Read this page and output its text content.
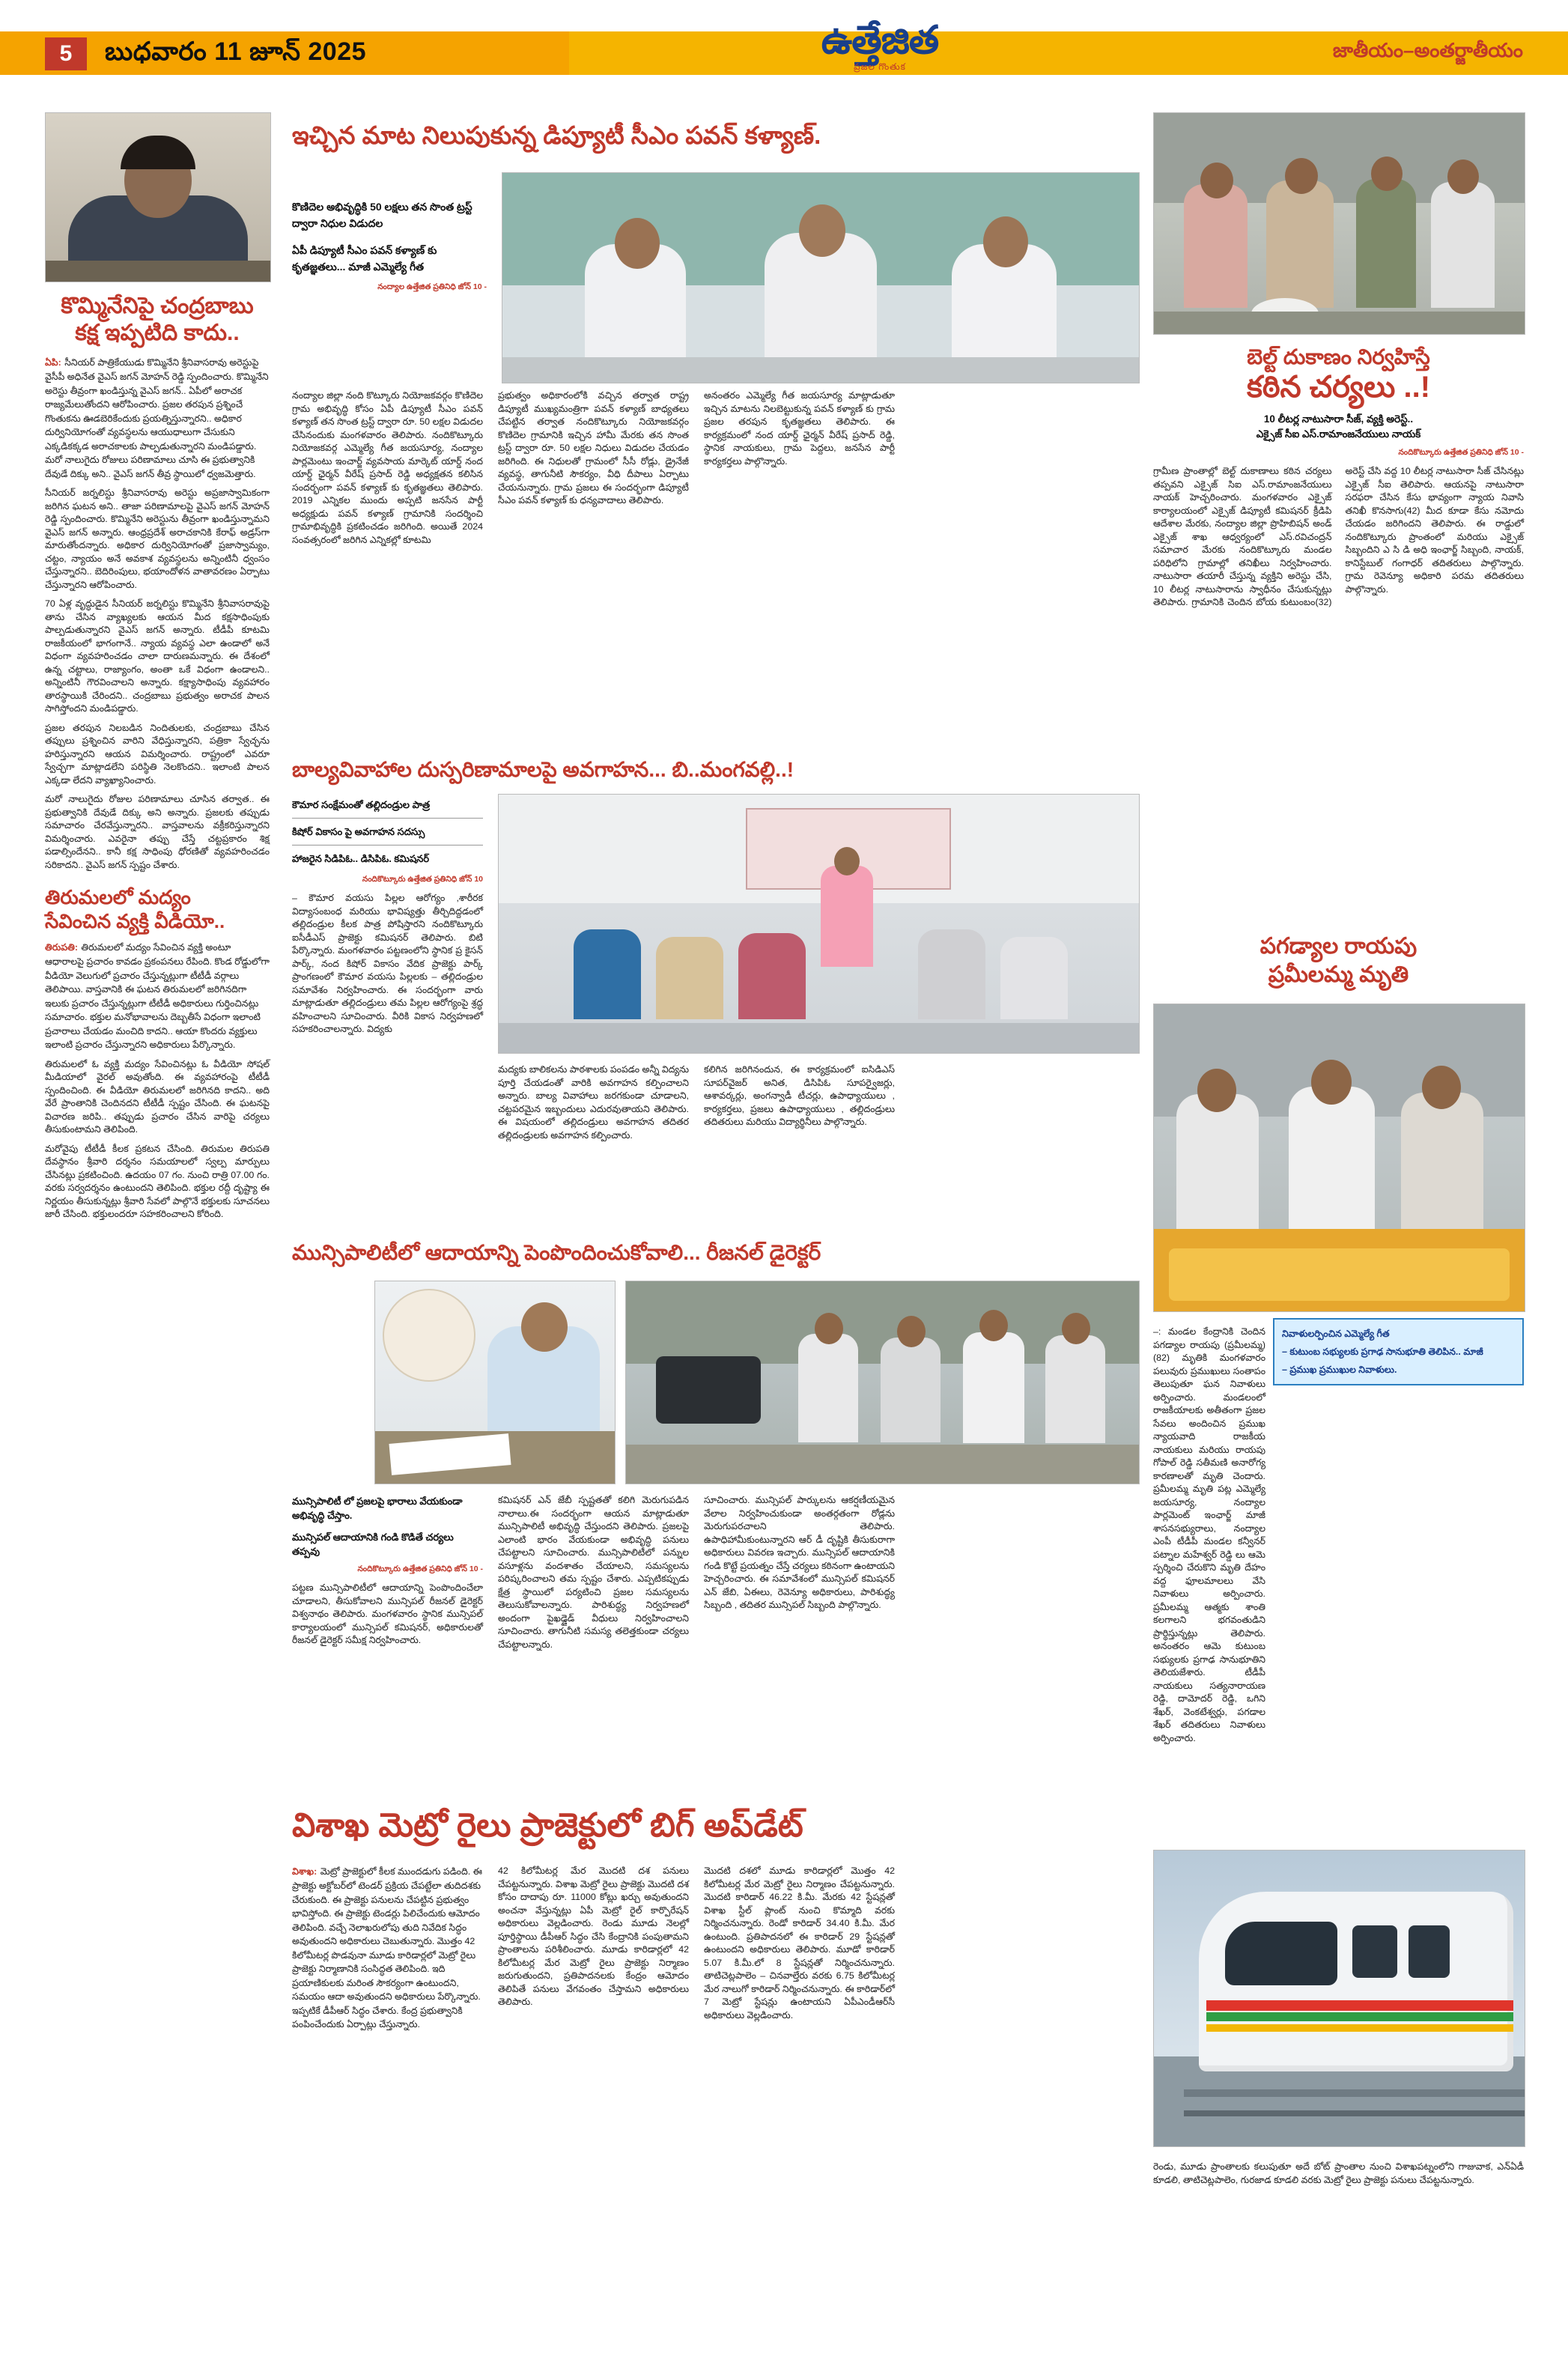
5	బుధవారం 11 జూన్ 2025	ఉత్తేజిత
ప్రజల గొంతుక
జాతీయం–అంతర్జాతీయం
కొమ్మినేనిపై చంద్రబాబు
కక్ష ఇప్పటిది కాదు..
ఏపి: సీనియర్ పాత్రికేయుడు కొమ్మినేని శ్రీనివాసరావు అరెస్టుపై వైసీపీ అధినేత వైఎస్ జగన్ మోహన్ రెడ్డి స్పందించారు. కొమ్మినేని అరెస్టు తీవ్రంగా ఖండిస్తున్న వైఎస్ జగన్.. ఏపీలో అరాచక రాజ్యమేలుతోందని ఆరోపించారు. ప్రజల తరపున ప్రశ్నించే గొంతుకను ఊడబెరికేందుకు ప్రయత్నిస్తున్నారని.. అధికార దుర్వినియోగంతో వ్యవస్థలను ఆయుధాలుగా చేసుకుని ఎక్కడికక్కడ అరాచకాలకు పాల్పడుతున్నారని మండిపడ్డారు. మరో నాలుగైదు రోజులు పరిణామాలు చూసి ఈ ప్రభుత్వానికి దేవుడే దిక్కు అని.. వైఎస్ జగన్ తీవ్ర స్థాయిలో ధ్వజమెత్తారు.
సీనియర్ జర్నలిస్టు శ్రీనివాసరావు అరెస్టు అప్రజాస్వామికంగా జరిగిన ఘటన అని.. తాజా పరిణామాలపై వైఎస్ జగన్ మోహన్ రెడ్డి స్పందించారు. కొమ్మినేని అరెస్టును తీవ్రంగా ఖండిస్తున్నామని వైఎస్ జగన్ అన్నారు. ఆంధ్రప్రదేశ్ అరాచకానికి కేరాఫ్ అడ్రస్‌గా మారుతోందన్నారు. అధికార దుర్వినియోగంతో ప్రజాస్వామ్యం, చట్టం, న్యాయం అనే అవకాశ వ్యవస్థలను అన్నింటినీ ధ్వంసం చేస్తున్నారని.. బెదిరింపులు, భయాందోళన వాతావరణం ఏర్పాటు చేస్తున్నారని ఆరోపించారు.
70 ఏళ్ల వృద్ధుడైన సీనియర్ జర్నలిస్టు కొమ్మినేని శ్రీనివాసరావుపై తాను చేసిన వ్యాఖ్యలకు ఆయన మీద కక్షసాధింపుకు పాల్పడుతున్నారని వైఎస్ జగన్ అన్నారు. టీడీపీ కూటమి రాజకీయంలో భాగంగానే.. న్యాయ వ్యవస్థ ఎలా ఉండాలో అనే విధంగా వ్యవహరించడం చాలా దారుణమన్నారు. ఈ దేశంలో ఉన్న చట్టాలు, రాజ్యాంగం, అంతా ఒకే విధంగా ఉండాలని.. అన్నింటినీ గౌరవించాలని అన్నారు. కక్ష్యాసాధింపు వ్యవహారం తారస్థాయికి చేరిందని.. చంద్రబాబు ప్రభుత్వం అరాచక పాలన సాగిస్తోందని మండిపడ్డారు.
ప్రజల తరపున నిలబడిన నిందితులకు, చంద్రబాబు చేసిన తప్పులు ప్రశ్నించిన వారిని వేధిస్తున్నారని, పత్రికా స్వేచ్ఛను హరిస్తున్నారని ఆయన విమర్శించారు. రాష్ట్రంలో ఎవరూ స్వేచ్ఛగా మాట్లాడలేని పరిస్థితి నెలకొందని.. ఇలాంటి పాలన ఎక్కడా లేదని వ్యాఖ్యానించారు.
మరో నాలుగైదు రోజుల పరిణామాలు చూసిన తర్వాత.. ఈ ప్రభుత్వానికి దేవుడే దిక్కు అని అన్నారు. ప్రజలకు తప్పుడు సమాచారం చేరవేస్తున్నారని.. వాస్తవాలను వక్రీకరిస్తున్నారని విమర్శించారు. ఎవరైనా తప్పు చేస్తే చట్టప్రకారం శిక్ష పడాల్సిందేనని.. కానీ కక్ష సాధింపు ధోరణితో వ్యవహరించడం సరికాదని.. వైఎస్ జగన్ స్పష్టం చేశారు.
తిరుమలలో మద్యం
సేవించిన వ్యక్తి వీడియో..
తిరుపతి: తిరుమలలో మద్యం సేవించిన వ్యక్తి అంటూ ఆధారాలపై ప్రచారం కావడం ప్రకంపనలు రేపింది. కొండ రోడ్డులోగా వీడియో వెలుగులో ప్రచారం చేస్తున్నట్లుగా టీటీడీ వర్గాలు తెలిపాయి. వాస్తవానికి ఈ ఘటన తిరుమలలో జరిగినదిగా ఇలుకు ప్రచారం చేస్తున్నట్లుగా టీటీడీ అధికారులు గుర్తించినట్లు సమాచారం. భక్తుల మనోభావాలను దెబ్బతీసే విధంగా ఇలాంటి ప్రచారాలు చేయడం మంచిది కాదని.. ఆయా కొందరు వ్యక్తులు ఇలాంటి ప్రచారం చేస్తున్నారని అధికారులు పేర్కొన్నారు.
తిరుమలలో ఓ వ్యక్తి మద్యం సేవించినట్లు ఓ వీడియో సోషల్ మీడియాలో వైరల్ అవుతోంది. ఈ వ్యవహారంపై టీటీడీ స్పందించింది. ఈ వీడియో తిరుమలలో జరిగినది కాదని.. అది వేరే ప్రాంతానికి చెందినదని టీటీడీ స్పష్టం చేసింది. ఈ ఘటనపై విచారణ జరిపి.. తప్పుడు ప్రచారం చేసిన వారిపై చర్యలు తీసుకుంటామని తెలిపింది.
మరోవైపు టీటీడీ కీలక ప్రకటన చేసింది. తిరుమల తిరుపతి దేవస్థానం శ్రీవారి దర్శనం సమయాలలో స్వల్ప మార్పులు చేసినట్లు ప్రకటించింది. ఉదయం 07 గం. నుంచి రాత్రి 07.00 గం. వరకు సర్వదర్శనం ఉంటుందని తెలిపింది. భక్తుల రద్దీ దృష్ట్యా ఈ నిర్ణయం తీసుకున్నట్లు శ్రీవారి సేవలో పాల్గొనే భక్తులకు సూచనలు జారీ చేసింది. భక్తులందరూ సహకరించాలని కోరింది.
ఇచ్చిన మాట నిలుపుకున్న డిప్యూటీ సీఎం పవన్ కళ్యాణ్.
కొణిదెల అభివృద్ధికి 50 లక్షలు తన సొంత ట్రస్ట్ ద్వారా నిధుల విడుదల
ఏపీ డిప్యూటీ సీఎం పవన్ కళ్యాణ్ కు కృతజ్ఞతలు... మాజీ ఎమ్మెల్యే గీత
నంద్యాల ఉత్తేజిత ప్రతినిధి జోన్ 10 -
నంద్యాల జిల్లా నంది కొట్కూరు నియోజకవర్గం కొణిదెల గ్రామ అభివృద్ధి కోసం ఏపీ డిప్యూటీ సీఎం పవన్ కళ్యాణ్ తన సొంత ట్రస్ట్ ద్వారా రూ. 50 లక్షల విడుదల చేసినందుకు మంగళవారం తెలిపారు. నందికొట్కూరు నియోజకవర్గ ఎమ్మెల్యే గీత జయసూర్య, నంద్యాల పార్లమెంటు ఇంచార్జ్ వ్యవసాయ మార్కెట్ యార్డ్ నంద యార్డ్ ఛైర్మన్ వీరేష్ ప్రసాద్ రెడ్డి అధ్యక్షతన కలిసిన సందర్భంగా పవన్ కళ్యాణ్ కు కృతజ్ఞతలు తెలిపారు. 2019 ఎన్నికల ముందు అప్పటి జనసేన పార్టీ అధ్యక్షుడు పవన్ కళ్యాణ్ గ్రామానికి సందర్శించి గ్రామాభివృద్ధికి ప్రకటించడం జరిగింది. అయితే 2024 సంవత్సరంలో జరిగిన ఎన్నికల్లో కూటమి
ప్రభుత్వం అధికారంలోకి వచ్చిన తర్వాత రాష్ట్ర డిప్యూటీ ముఖ్యమంత్రిగా పవన్ కళ్యాణ్ బాధ్యతలు చేపట్టిన తర్వాత నందికొట్కూరు నియోజకవర్గం కొణిదెల గ్రామానికి ఇచ్చిన హామీ మేరకు తన సొంత ట్రస్ట్ ద్వారా రూ. 50 లక్షల నిధులు విడుదల చేయడం జరిగింది. ఈ నిధులతో గ్రామంలో సీసీ రోడ్లు, డ్రైనేజీ వ్యవస్థ, తాగునీటి సౌకర్యం, వీధి దీపాలు ఏర్పాటు చేయనున్నారు. గ్రామ ప్రజలు ఈ సందర్భంగా డిప్యూటీ సీఎం పవన్ కళ్యాణ్ కు ధన్యవాదాలు తెలిపారు.
అనంతరం ఎమ్మెల్యే గీత జయసూర్య మాట్లాడుతూ ఇచ్చిన మాటను నిలబెట్టుకున్న పవన్ కళ్యాణ్ కు గ్రామ ప్రజల తరపున కృతజ్ఞతలు తెలిపారు. ఈ కార్యక్రమంలో నంద యార్డ్ ఛైర్మన్ వీరేష్ ప్రసాద్ రెడ్డి, స్థానిక నాయకులు, గ్రామ పెద్దలు, జనసేన పార్టీ కార్యకర్తలు పాల్గొన్నారు.
బెల్ట్ దుకాణం నిర్వహిస్తే
కఠిన చర్యలు ..!
10 లీటర్ల నాటుసారా సీజ్, వ్యక్తి అరెస్ట్..
ఎక్సైజ్ సీఐ ఎస్.రామాంజనేయులు నాయక్
నందికొట్కూరు ఉత్తేజిత ప్రతినిధి జోన్ 10 -
గ్రామీణ ప్రాంతాల్లో బెల్ట్ దుకాణాలు కఠిన చర్యలు తప్పవని ఎక్సైజ్ సిఐ ఎస్.రామాంజనేయులు నాయక్ హెచ్చరించారు. మంగళవారం ఎక్సైజ్ కార్యాలయంలో ఎక్సైజ్ డిప్యూటీ కమిషనర్ క్రీడిపి ఆదేశాల మేరకు, నంద్యాల జిల్లా ప్రొహిబిషన్ అండ్ ఎక్సైజ్ శాఖ ఆధ్వర్యంలో ఎస్.రవిచంద్రన్ సమాచార మేరకు నందికొట్కూరు మండల పరిధిలోని గ్రామాల్లో తనిఖీలు నిర్వహించారు. నాటుసారా తయారీ చేస్తున్న వ్యక్తిని అరెస్టు చేసి, 10 లీటర్ల నాటుసారాను స్వాధీనం చేసుకున్నట్లు తెలిపారు. గ్రామానికి చెందిన బోయ కుటుంబం(32) అరెస్ట్ చేసి వద్ద 10 లీటర్ల నాటుసారా సీజ్ చేసినట్లు ఎక్సైజ్ సీఐ తెలిపారు. ఆయనపై నాటుసారా సరఫరా చేసిన కేసు భావ్యంగా న్యాయ నివాసి తనిఖీ కొనసాగు(42) మీద కూడా కేసు నమోదు చేయడం జరిగిందని తెలిపారు. ఈ రాడ్డులో నందికొట్కూరు ప్రాంతంలో మరియు ఎక్సైజ్ సిబ్బందిని ఎ సి డి అధి ఇంఛార్జ్ సిబ్బంది, నాయక్, కానిస్టేబుల్ గంగాధర్ తదితరులు పాల్గొన్నారు. గ్రామ రెవెన్యూ అధికారి పరమ తదితరులు పాల్గొన్నారు.
బాల్యవివాహాల దుస్పరిణామాలపై అవగాహన... బి..మంగవల్లి..!
కౌమార సంక్షేమంతో తల్లిదండ్రుల పాత్ర
కిషోర్ వికాసం పై అవగాహన సదస్సు
హాజరైన సిడిపిఓ.. డిసిపిఓ. కమిషనర్
నందికొట్కూరు ఉత్తేజిత ప్రతినిధి జోన్ 10
– కౌమార వయసు పిల్లల ఆరోగ్యం ,శారీరక విద్యాసంబంధ మరియు భావిష్యత్తు తీర్చిదిద్దడంలో తల్లిదండ్రుల కీలక పాత్ర పోషిస్తారని నందికొట్కూరు ఐసీడీఎస్ ప్రాజెక్టు కమిషనర్ తెలిపారు. బిటి పేర్కొన్నారు. మంగళవారం పట్టణంలోని స్థానిక ప్ర కైసన్ పార్క్, నంద కిషోర్ వికాసం వేదిక ప్రాజెక్టు పార్క్ ప్రాంగణంలో కౌమార వయసు పిల్లలకు – తల్లిదండ్రుల సమావేశం నిర్వహించారు. ఈ సందర్భంగా వారు మాట్లాడుతూ తల్లిదండ్రులు తమ పిల్లల ఆరోగ్యంపై శ్రద్ధ వహించాలని సూచించారు. వీరికి వికాస నిర్వహణలో సహకరించాలన్నారు. విద్యకు
మద్యకు బాలికలను పాఠశాలకు పంపడం అన్నీ విద్యను పూర్తి చేయడంతో వారికి అవగాహన కల్పించాలని అన్నారు. బాల్య వివాహాలు జరగకుండా చూడాలని, చట్టపరమైన ఇబ్బందులు ఎదురవుతాయని తెలిపారు. ఈ విషయంలో తల్లిదండ్రులు అవగాహన తదితర తల్లిదండ్రులకు అవగాహన కల్పించారు.
కలిగిన జరిగినందున, ఈ కార్యక్రమంలో ఐసిడిఎస్ సూపర్‌వైజర్ అనిత, డిసిపిఓ సూపర్వైజర్లు, ఆశావర్కర్లు, అంగన్వాడీ టీచర్లు, ఉపాధ్యాయులు , కార్యకర్తలు, ప్రజలు ఉపాధ్యాయులు , తల్లిదండ్రులు తదితరులు మరియు విద్యార్థినీలు పాల్గొన్నారు.
మున్సిపాలిటీలో ఆదాయాన్ని పెంపొందించుకోవాలి... రీజనల్ డైరెక్టర్
మున్సిపాలిటీ లో ప్రజలపై భారాలు వేయకుండా అభివృద్ధి చేస్తాం.
మున్సిపల్ ఆదాయానికి గండి కొడితే చర్యలు తప్పవు
నందికొట్కూరు ఉత్తేజిత ప్రతినిధి జోన్ 10 -
పట్టణ మున్సిపాలిటీలో ఆదాయాన్ని పెంపొందించేలా చూడాలని, తీసుకోవాలని మున్సిపల్ రీజనల్ డైరెక్టర్ విశ్వనాథం తెలిపారు. మంగళవారం స్థానిక మున్సిపల్ కార్యాలయంలో మున్సిపల్ కమిషనర్, అధికారులతో రీజనల్ డైరెక్టర్ సమీక్ష నిర్వహించారు.
కమిషనర్ ఎన్ జేబీ స్పష్టతతో కలిగి మెరుగుపడిన నాలాలు.ఈ సందర్భంగా ఆయన మాట్లాడుతూ మున్సిపాలిటీ అభివృద్ధి చేస్తుందని తెలిపారు. ప్రజలపై ఎలాంటి భారం వేయకుండా అభివృద్ధి పనులు చేపట్టాలని సూచించారు. మున్సిపాలిటీలో పన్నుల వసూళ్లను వందశాతం చేయాలని, సమస్యలను పరిష్కరించాలని తమ స్పష్టం చేశారు. ఎప్పటికప్పుడు క్షేత్ర స్థాయిలో పర్యటించి ప్రజల సమస్యలను తెలుసుకోవాలన్నారు. పారిశుద్ధ్య నిర్వహణలో అందంగా పైఖడ్డైడ్ వీధులు నిర్వహించాలని సూచించారు. తాగునీటి సమస్య తలెత్తకుండా చర్యలు చేపట్టాలన్నారు.
సూచించారు. మున్సిపల్ పార్కులను ఆకర్షణీయమైన వేలాల నిర్వహించుకుండా అంతర్గతంగా రోడ్లను మెరుగుపరచాలని తెలిపారు. ఉపాధిహామీకుంటున్నారని ఆర్ డీ దృష్టికి తీసుకురాగా అధికారులు వివరణ ఇచ్చారు. మున్సిపల్ ఆదాయానికి గండి కొట్టే ప్రయత్నం చేస్తే చర్యలు కఠినంగా ఉంటాయని హెచ్చరించారు. ఈ సమావేశంలో మున్సిపల్ కమిషనర్ ఎన్ జేబి, ఏఈలు, రెవెన్యూ అధికారులు, పారిశుద్ధ్య సిబ్బంది , తదితర మున్సిపల్ సిబ్బంది పాల్గొన్నారు.
పగడ్యాల రాయపు
ప్రమీలమ్మ మృతి
నివాళులర్పించిన ఎమ్మెల్యే గీత
– కుటుంబ సభ్యులకు ప్రగాఢ సానుభూతి తెలిపిన.. మాజీ
– ప్రముఖ ప్రముఖుల నివాళులు.
–: మండల కేంద్రానికి చెందిన పగడ్యాల రాయపు (ప్రమీలమ్మ) (82) మృతికి మంగళవారం పలువురు ప్రముఖులు సంతాపం తెలుపుతూ ఘన నివాళులు అర్పించారు. మండలంలో రాజకీయాలకు అతీతంగా ప్రజల సేవలు అందించిన ప్రముఖ న్యాయవాది రాజకీయ నాయకులు మరియు రాయపు గోపాల్ రెడ్డి సతీమణి అనారోగ్య కారణాలతో మృతి చెందారు. ప్రమీలమ్మ మృతి పట్ల ఎమ్మెల్యే జయసూర్య, నంద్యాల పార్లమెంట్ ఇంఛార్జ్ మాజీ శాసనసభ్యురాలు, నంద్యాల ఎంపీ టీడీపీ మండల కన్వీనర్ పట్నాల మహేశ్వర్ రెడ్డి లు ఆమె స్పర్శించి చేరుకొని మృతి దేహం వద్ద ఫూలమాలలు వేసి నివాళులు అర్పించారు. ప్రమీలమ్మ ఆత్మకు శాంతి కలగాలని భగవంతుడిని ప్రార్థిస్తున్నట్లు తెలిపారు. అనంతరం ఆమె కుటుంబ సభ్యులకు ప్రగాఢ సానుభూతిని తెలియజేశారు. టీడీపీ నాయకులు సత్యనారాయణ రెడ్డి, దామోదర్ రెడ్డి, ఒగిని శేఖర్, వెంకటేశ్వర్లు, పగడాల శేఖర్ తదితరులు నివాళులు అర్పించారు.
విశాఖ మెట్రో రైలు ప్రాజెక్టులో బిగ్ అప్‌డేట్
విశాఖ: మెట్రో ప్రాజెక్టులో కీలక ముందడుగు పడింది. ఈ ప్రాజెక్టు అక్టోబర్‌లో టెండర్ ప్రక్రియ చేపట్టేలా తుదిదశకు చేరుకుంది. ఈ ప్రాజెక్టు పనులను చేపట్టిన ప్రభుత్వం భావిస్తోంది. ఈ ప్రాజెక్టు టెండర్లు పిలిచేందుకు ఆమోదం తెలిపింది. వచ్చే నెలాఖరులోపు తుది నివేదిక సిద్ధం అవుతుందని అధికారులు చెబుతున్నారు. మొత్తం 42 కిలోమీటర్ల పొడవునా మూడు కారిడార్లలో మెట్రో రైలు ప్రాజెక్టు నిర్మాణానికి సంసిద్ధత తెలిపింది. ఇది ప్రయాణికులకు మరింత సౌకర్యంగా ఉంటుందని, సమయం ఆదా అవుతుందని అధికారులు పేర్కొన్నారు. ఇప్పటికే డీపీఆర్ సిద్ధం చేశారు. కేంద్ర ప్రభుత్వానికి పంపించేందుకు ఏర్పాట్లు చేస్తున్నారు.
42 కిలోమీటర్ల మేర మొదటి దశ పనులు చేపట్టనున్నారు. విశాఖ మెట్రో రైలు ప్రాజెక్టు మొదటి దశ కోసం దాదాపు రూ. 11000 కోట్లు ఖర్చు అవుతుందని అంచనా వేస్తున్నట్లు ఏపీ మెట్రో రైల్ కార్పొరేషన్ అధికారులు వెల్లడించారు. రెండు మూడు నెలల్లో పూర్తిస్థాయి డీపీఆర్ సిద్ధం చేసి కేంద్రానికి పంపుతామని ప్రాంతాలను పరిశీలించారు. మూడు కారిడార్లలో 42 కిలోమీటర్ల మేర మెట్రో రైలు ప్రాజెక్టు నిర్మాణం జరుగుతుందని, ప్రతిపాదనలకు కేంద్రం ఆమోదం తెలిపితే పనులు వేగవంతం చేస్తామని అధికారులు తెలిపారు.
మొదటి దశలో మూడు కారిడార్లలో మొత్తం 42 కిలోమీటర్ల మేర మెట్రో రైలు నిర్మాణం చేపట్టనున్నారు. మొదటి కారిడార్ 46.22 కి.మీ. మేరకు 42 స్టేషన్లతో విశాఖ స్టీల్ ప్లాంట్ నుంచి కొమ్మాది వరకు నిర్మించనున్నారు. రెండో కారిడార్ 34.40 కి.మీ. మేర ఉంటుంది. ప్రతిపాదనలో ఈ కారిడార్ 29 స్టేషన్లతో ఉంటుందని అధికారులు తెలిపారు. మూడో కారిడార్ 5.07 కి.మీ.లో 8 స్టేషన్లతో నిర్మించనున్నారు. తాటిచెట్లపాలెం – చినవాల్తేరు వరకు 6.75 కిలోమీటర్ల మేర నాలుగో కారిడార్ నిర్మించనున్నారు. ఈ కారిడార్‌లో 7 మెట్రో స్టేషన్లు ఉంటాయని ఏపీఎండీఆర్‌సీ అధికారులు వెల్లడించారు.
రెండు, మూడు ప్రాంతాలకు కలుపుతూ అదే బోట్ ప్రాంతాల నుంచి విశాఖపట్నంలోని గాజువాక, ఎన్ఏడీ కూడలి, తాటిచెట్లపాలెం, గురజాడ కూడలి వరకు మెట్రో రైలు ప్రాజెక్టు పనులు చేపట్టనున్నారు.
